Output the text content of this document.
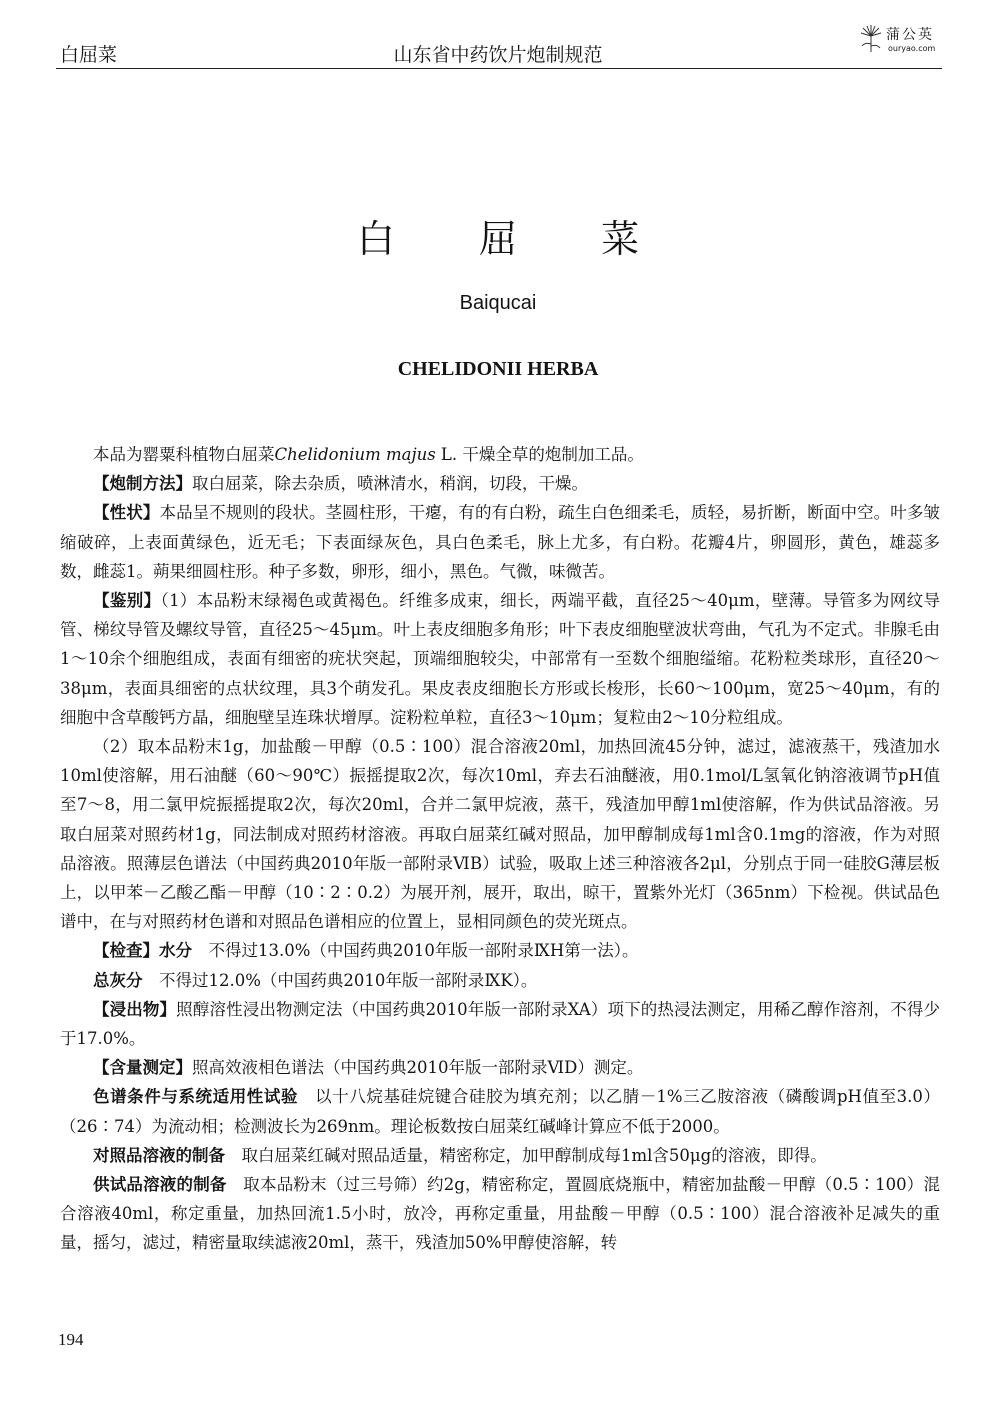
白屈菜	山东省中药饮片炮制规范
蒲公英
ouryao.com
白 屈 菜
Baiqucai
CHELIDONII HERBA

本品为罂粟科植物白屈菜Chelidonium majus L. 干燥全草的炮制加工品。

【炮制方法】取白屈菜，除去杂质，喷淋清水，稍润，切段，干燥。

【性状】本品呈不规则的段状。茎圆柱形，干瘪，有的有白粉，疏生白色细柔毛，质轻，易折断，断面中空。叶多皱缩破碎，上表面黄绿色，近无毛；下表面绿灰色，具白色柔毛，脉上尤多，有白粉。花瓣4片，卵圆形，黄色，雄蕊多数，雌蕊1。蒴果细圆柱形。种子多数，卵形，细小，黑色。气微，味微苦。

【鉴别】（1）本品粉末绿褐色或黄褐色。纤维多成束，细长，两端平截，直径25～40μm，壁薄。导管多为网纹导管、梯纹导管及螺纹导管，直径25～45μm。叶上表皮细胞多角形；叶下表皮细胞壁波状弯曲，气孔为不定式。非腺毛由1～10余个细胞组成，表面有细密的疣状突起，顶端细胞较尖，中部常有一至数个细胞缢缩。花粉粒类球形，直径20～38μm，表面具细密的点状纹理，具3个萌发孔。果皮表皮细胞长方形或长梭形，长60～100μm，宽25～40μm，有的细胞中含草酸钙方晶，细胞壁呈连珠状增厚。淀粉粒单粒，直径3～10μm；复粒由2～10分粒组成。

（2）取本品粉末1g，加盐酸－甲醇（0.5∶100）混合溶液20ml，加热回流45分钟，滤过，滤液蒸干，残渣加水10ml使溶解，用石油醚（60～90℃）振摇提取2次，每次10ml，弃去石油醚液，用0.1mol/L氢氧化钠溶液调节pH值至7～8，用二氯甲烷振摇提取2次，每次20ml，合并二氯甲烷液，蒸干，残渣加甲醇1ml使溶解，作为供试品溶液。另取白屈菜对照药材1g，同法制成对照药材溶液。再取白屈菜红碱对照品，加甲醇制成每1ml含0.1mg的溶液，作为对照品溶液。照薄层色谱法（中国药典2010年版一部附录ⅥB）试验，吸取上述三种溶液各2μl，分别点于同一硅胶G薄层板上，以甲苯－乙酸乙酯－甲醇（10∶2∶0.2）为展开剂，展开，取出，晾干，置紫外光灯（365nm）下检视。供试品色谱中，在与对照药材色谱和对照品色谱相应的位置上，显相同颜色的荧光斑点。

【检查】水分  不得过13.0%（中国药典2010年版一部附录ⅨH第一法）。

总灰分  不得过12.0%（中国药典2010年版一部附录ⅨK）。

【浸出物】照醇溶性浸出物测定法（中国药典2010年版一部附录XA）项下的热浸法测定，用稀乙醇作溶剂，不得少于17.0%。

【含量测定】照高效液相色谱法（中国药典2010年版一部附录ⅥD）测定。

色谱条件与系统适用性试验  以十八烷基硅烷键合硅胶为填充剂；以乙腈－1%三乙胺溶液（磷酸调pH值至3.0）（26∶74）为流动相；检测波长为269nm。理论板数按白屈菜红碱峰计算应不低于2000。

对照品溶液的制备  取白屈菜红碱对照品适量，精密称定，加甲醇制成每1ml含50μg的溶液，即得。

供试品溶液的制备  取本品粉末（过三号筛）约2g，精密称定，置圆底烧瓶中，精密加盐酸－甲醇（0.5∶100）混合溶液40ml，称定重量，加热回流1.5小时，放冷，再称定重量，用盐酸－甲醇（0.5∶100）混合溶液补足减失的重量，摇匀，滤过，精密量取续滤液20ml，蒸干，残渣加50%甲醇使溶解，转

194
